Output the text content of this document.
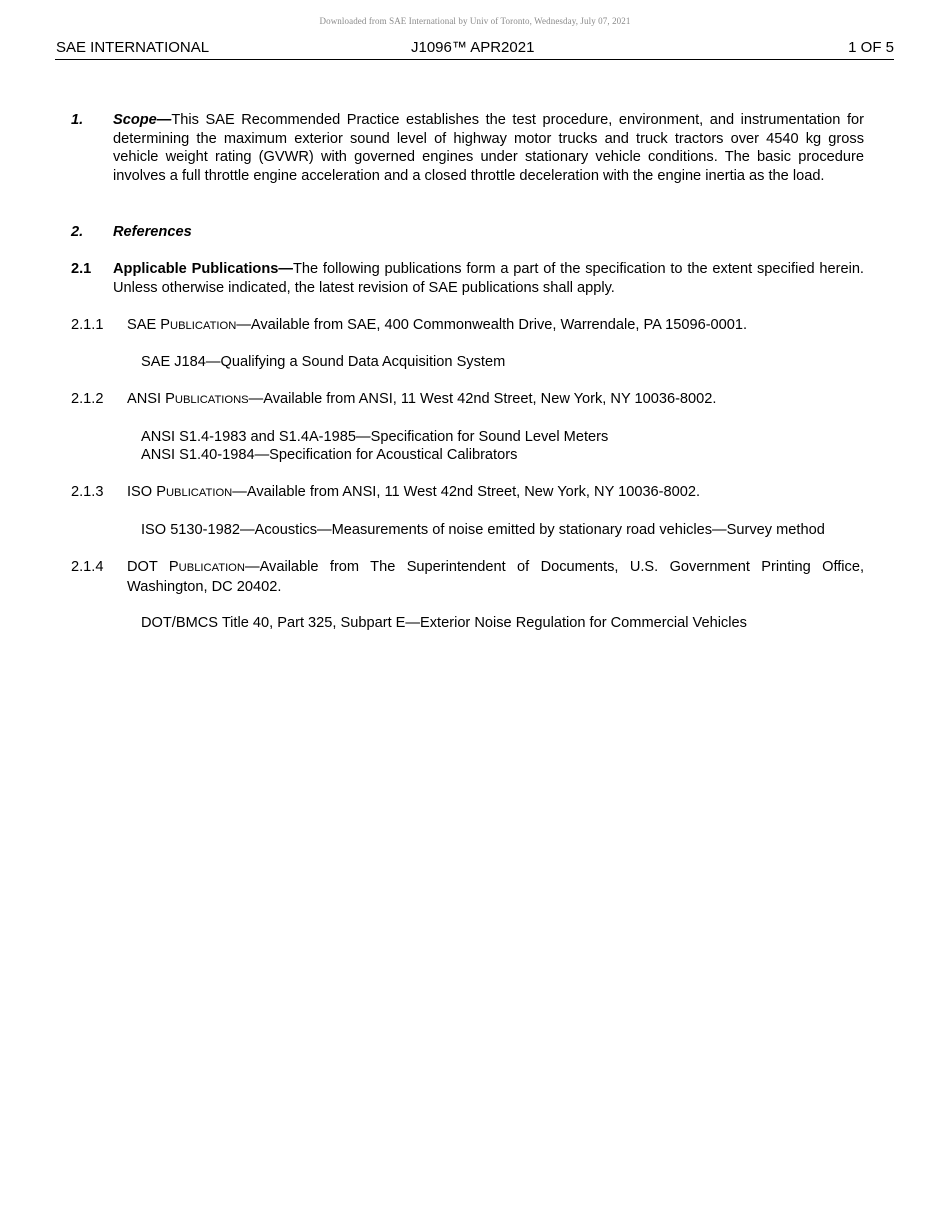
Downloaded from SAE International by Univ of Toronto, Wednesday, July 07, 2021
SAE INTERNATIONAL	J1096™ APR2021	1 OF 5
1. Scope—This SAE Recommended Practice establishes the test procedure, environment, and instrumentation for determining the maximum exterior sound level of highway motor trucks and truck tractors over 4540 kg gross vehicle weight rating (GVWR) with governed engines under stationary vehicle conditions. The basic procedure involves a full throttle engine acceleration and a closed throttle deceleration with the engine inertia as the load.
2. References
2.1 Applicable Publications—The following publications form a part of the specification to the extent specified herein. Unless otherwise indicated, the latest revision of SAE publications shall apply.
2.1.1 SAE PUBLICATION—Available from SAE, 400 Commonwealth Drive, Warrendale, PA 15096-0001.
SAE J184—Qualifying a Sound Data Acquisition System
2.1.2 ANSI PUBLICATIONS—Available from ANSI, 11 West 42nd Street, New York, NY 10036-8002.
ANSI S1.4-1983 and S1.4A-1985—Specification for Sound Level Meters
ANSI S1.40-1984—Specification for Acoustical Calibrators
2.1.3 ISO PUBLICATION—Available from ANSI, 11 West 42nd Street, New York, NY 10036-8002.
ISO 5130-1982—Acoustics—Measurements of noise emitted by stationary road vehicles—Survey method
2.1.4 DOT PUBLICATION—Available from The Superintendent of Documents, U.S. Government Printing Office, Washington, DC 20402.
DOT/BMCS Title 40, Part 325, Subpart E—Exterior Noise Regulation for Commercial Vehicles
